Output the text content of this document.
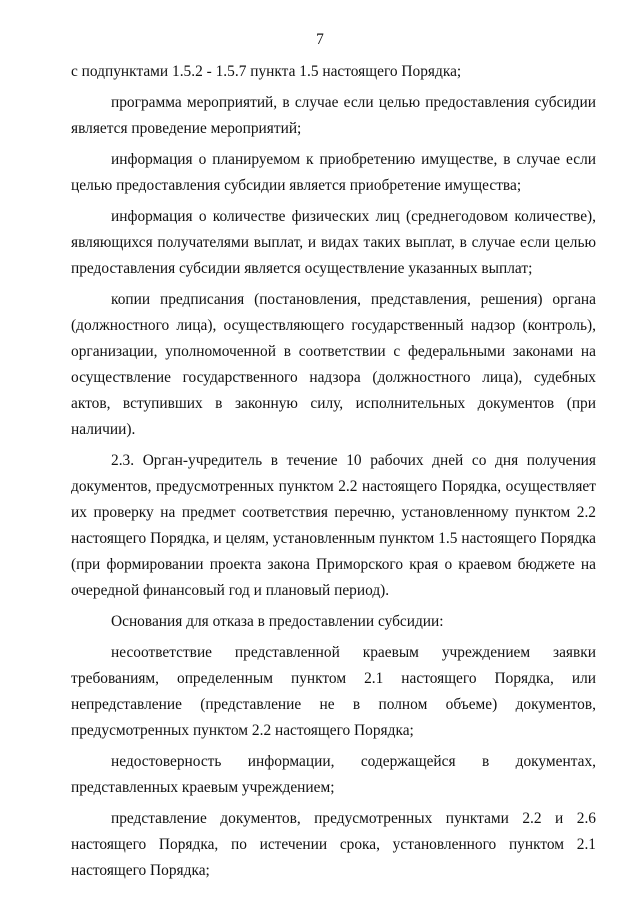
7

с подпунктами 1.5.2 - 1.5.7 пункта 1.5 настоящего Порядка;

программа мероприятий, в случае если целью предоставления субсидии является проведение мероприятий;

информация о планируемом к приобретению имуществе, в случае если целью предоставления субсидии является приобретение имущества;

информация о количестве физических лиц (среднегодовом количестве), являющихся получателями выплат, и видах таких выплат, в случае если целью предоставления субсидии является осуществление указанных выплат;

копии предписания (постановления, представления, решения) органа (должностного лица), осуществляющего государственный надзор (контроль), организации, уполномоченной в соответствии с федеральными законами на осуществление государственного надзора (должностного лица), судебных актов, вступивших в законную силу, исполнительных документов (при наличии).

2.3. Орган-учредитель в течение 10 рабочих дней со дня получения документов, предусмотренных пунктом 2.2 настоящего Порядка, осуществляет их проверку на предмет соответствия перечню, установленному пунктом 2.2 настоящего Порядка, и целям, установленным пунктом 1.5 настоящего Порядка (при формировании проекта закона Приморского края о краевом бюджете на очередной финансовый год и плановый период).

Основания для отказа в предоставлении субсидии:

несоответствие представленной краевым учреждением заявки требованиям, определенным пунктом 2.1 настоящего Порядка, или непредставление (представление не в полном объеме) документов, предусмотренных пунктом 2.2 настоящего Порядка;

недостоверность информации, содержащейся в документах, представленных краевым учреждением;

представление документов, предусмотренных пунктами 2.2 и 2.6 настоящего Порядка, по истечении срока, установленного пунктом 2.1 настоящего Порядка;
